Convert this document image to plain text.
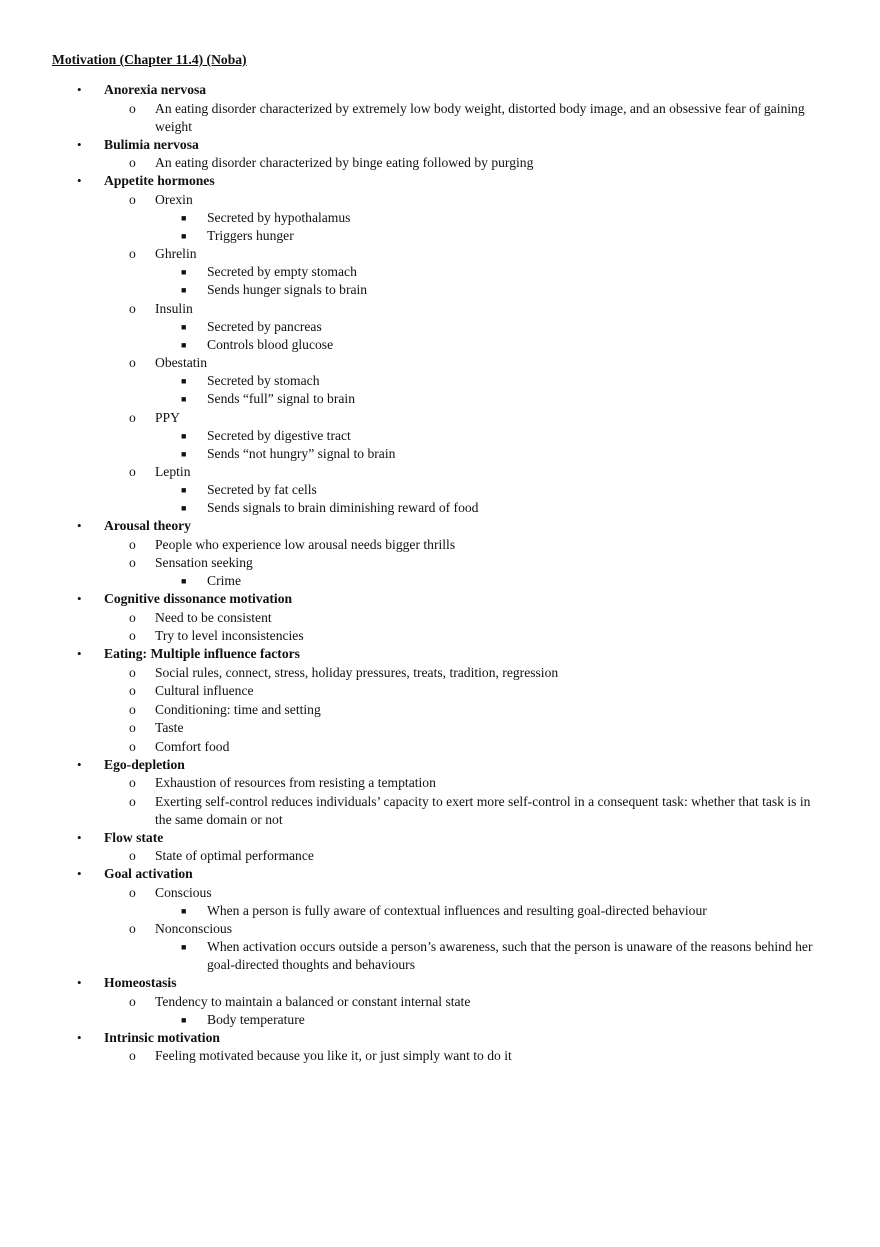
Motivation (Chapter 11.4) (Noba)
• Anorexia nervosa
o An eating disorder characterized by extremely low body weight, distorted body image, and an obsessive fear of gaining weight
• Bulimia nervosa
o An eating disorder characterized by binge eating followed by purging
• Appetite hormones
o Orexin
■ Secreted by hypothalamus
■ Triggers hunger
o Ghrelin
■ Secreted by empty stomach
■ Sends hunger signals to brain
o Insulin
■ Secreted by pancreas
■ Controls blood glucose
o Obestatin
■ Secreted by stomach
■ Sends “full” signal to brain
o PPY
■ Secreted by digestive tract
■ Sends “not hungry” signal to brain
o Leptin
■ Secreted by fat cells
■ Sends signals to brain diminishing reward of food
• Arousal theory
o People who experience low arousal needs bigger thrills
o Sensation seeking
■ Crime
• Cognitive dissonance motivation
o Need to be consistent
o Try to level inconsistencies
• Eating: Multiple influence factors
o Social rules, connect, stress, holiday pressures, treats, tradition, regression
o Cultural influence
o Conditioning: time and setting
o Taste
o Comfort food
• Ego-depletion
o Exhaustion of resources from resisting a temptation
o Exerting self-control reduces individuals’ capacity to exert more self-control in a consequent task: whether that task is in the same domain or not
• Flow state
o State of optimal performance
• Goal activation
o Conscious
■ When a person is fully aware of contextual influences and resulting goal-directed behaviour
o Nonconscious
■ When activation occurs outside a person’s awareness, such that the person is unaware of the reasons behind her goal-directed thoughts and behaviours
• Homeostasis
o Tendency to maintain a balanced or constant internal state
■ Body temperature
• Intrinsic motivation
o Feeling motivated because you like it, or just simply want to do it
